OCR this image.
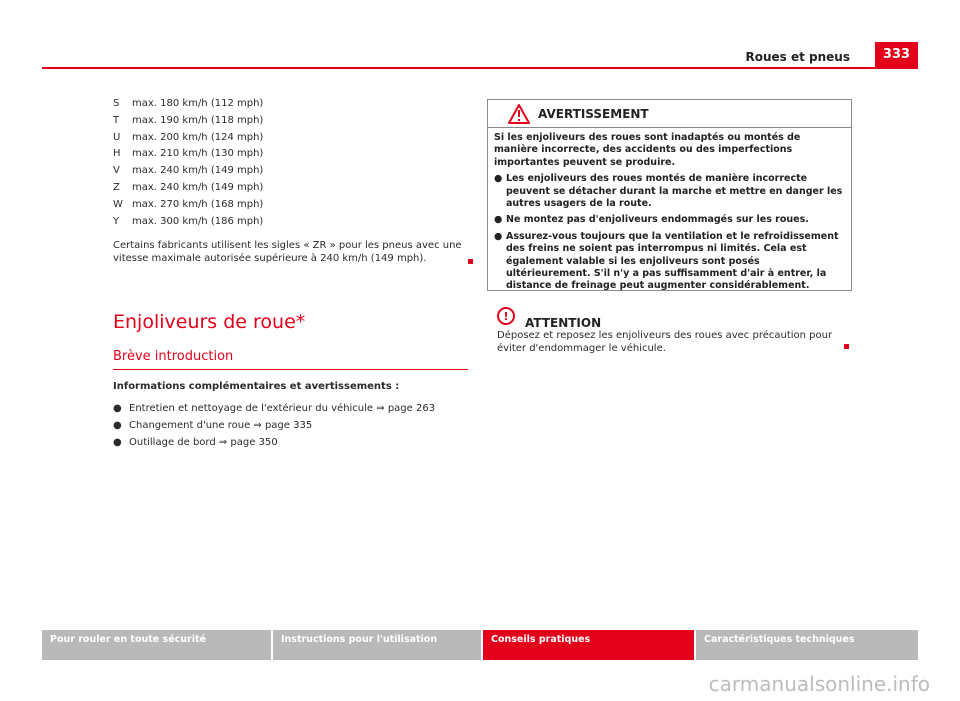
Roues et pneus	333
S	max. 180 km/h (112 mph)
T	max. 190 km/h (118 mph)
U	max. 200 km/h (124 mph)
H	max. 210 km/h (130 mph)
V	max. 240 km/h (149 mph)
Z	max. 240 km/h (149 mph)
W max. 270 km/h (168 mph)
Y	max. 300 km/h (186 mph)

Certains fabricants utilisent les sigles « ZR » pour les pneus avec une vitesse maximale autorisée supérieure à 240 km/h (149 mph).

Enjoliveurs de roue*
Brève introduction
Informations complémentaires et avertissements :
● Entretien et nettoyage de l'extérieur du véhicule ⇒ page 263
● Changement d'une roue ⇒ page 335
● Outillage de bord ⇒ page 350
AVERTISSEMENT

Si les enjoliveurs des roues sont inadaptés ou montés de manière incorrecte, des accidents ou des imperfections importantes peuvent se produire.

● Les enjoliveurs des roues montés de manière incorrecte peuvent se détacher durant la marche et mettre en danger les autres usagers de la route.
● Ne montez pas d'enjoliveurs endommagés sur les roues.
● Assurez-vous toujours que la ventilation et le refroidissement des freins ne soient pas interrompus ni limités. Cela est également valable si les enjoliveurs sont posés ultérieurement. S'il n'y a pas suffisamment d'air à entrer, la distance de freinage peut augmenter considérablement.
!	ATTENTION
Déposez et reposez les enjoliveurs des roues avec précaution pour éviter d'endommager le véhicule.
Pour rouler en toute sécurité	Instructions pour l'utilisation	Conseils pratiques	Caractéristiques techniques
carmanualsonline.info
